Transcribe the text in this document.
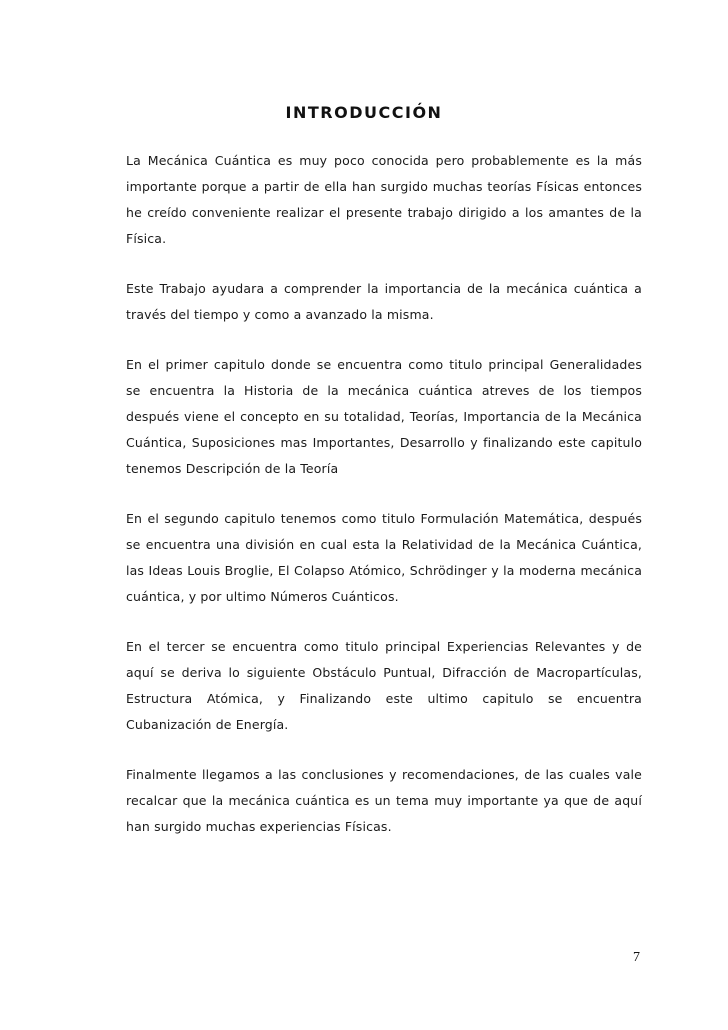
INTRODUCCIÓN

La Mecánica Cuántica es muy poco conocida pero probablemente es la más importante porque a partir de ella han surgido muchas teorías Físicas entonces he creído conveniente realizar el presente trabajo dirigido a los amantes de la Física.

Este Trabajo ayudara a comprender la importancia de la mecánica cuántica a través del tiempo y como a avanzado la misma.

En el primer capitulo donde se encuentra como titulo principal Generalidades se encuentra la Historia de la mecánica cuántica atreves de los tiempos después viene el concepto en su totalidad, Teorías, Importancia de la Mecánica Cuántica, Suposiciones mas Importantes, Desarrollo y finalizando este capitulo tenemos Descripción de la Teoría

En el segundo capitulo tenemos como titulo Formulación Matemática, después se encuentra una división en cual esta la Relatividad de la Mecánica Cuántica, las Ideas Louis Broglie, El Colapso Atómico, Schrödinger y la moderna mecánica cuántica, y por ultimo Números Cuánticos.

En el tercer se encuentra como titulo principal Experiencias Relevantes y de aquí se deriva lo siguiente Obstáculo Puntual, Difracción de Macropartículas, Estructura Atómica, y Finalizando este ultimo capitulo se encuentra Cubanización de Energía.

Finalmente llegamos a las conclusiones y recomendaciones, de las cuales vale recalcar que la mecánica cuántica es un tema muy importante ya que de aquí han surgido muchas experiencias Físicas.

7
